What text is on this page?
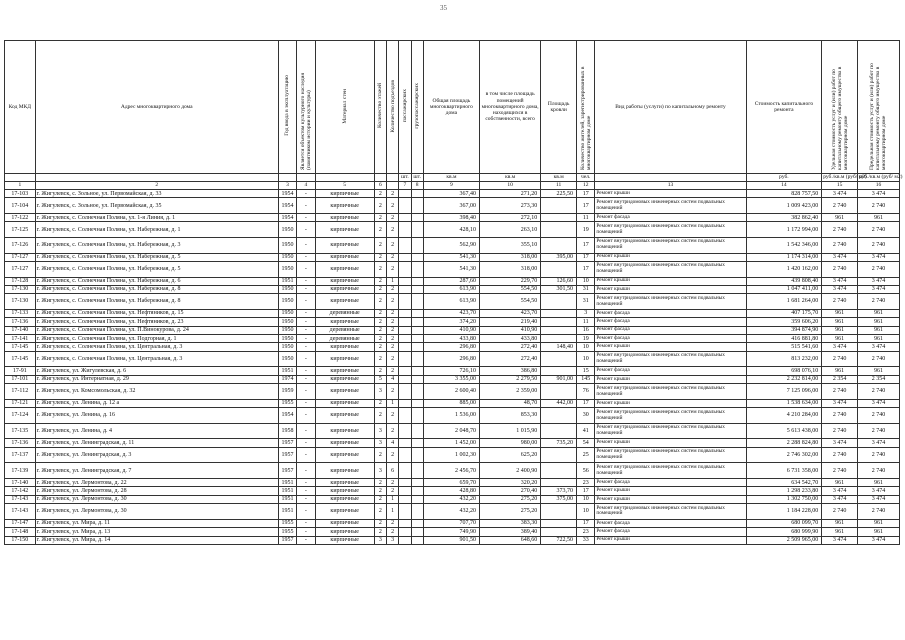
35
Код МКД	Адрес многоквартирного дома	Год ввода в эксплуатацию	Является объектом культурного наследия (памятником истории и культуры)	Материал стен	Количество этажей	Количество подъездов	пассажирских	грузопассажирских	Общая площадь многоквартирного дома	в том числе площадь помещений многоквартирного дома, находящихся в собственности, всего	Площадь кровли	Количество жителей, зарегистрированных в многоквартирном доме	Вид работы (услуги) по капитальному ремонту	Стоимость капитального ремонта	Удельная стоимость услуг и (или) работ по капитальному ремонту общего имущества в многоквартирном доме	Предельная стоимость услуг и (или) работ по капитальному ремонту общего имущества в многоквартирном доме
							шт.	шт.	кв.м	кв.м	кв.м	чел.		руб.	руб./кв.м (руб/ м2)	руб./кв.м (руб/ м2)
1	2	3	4	5	6		7	8	9	10	11	12	13	14	15	16
17-103	г. Жигулевск, с. Зольное, ул. Первомайская, д. 33	1954	-	кирпичные	2	2			367,40	271,20	225,50	17	Ремонт крыши	828 757,50	3 474	3 474
17-104	г. Жигулевск, с. Зольное, ул. Первомайская, д. 35	1954	-	кирпичные	2	2			367,00	273,30		17	Ремонт внутридомовых инженерных систем подвальных помещений	1 009 423,00	2 740	2 740
17-122	г. Жигулевск, с. Солнечная Поляна, ул. 1-я Линия, д. 1	1954	-	кирпичные	2	2			398,40	272,10		11	Ремонт фасада	382 862,40	961	961
17-125	г. Жигулевск, с. Солнечная Поляна, ул. Набережная, д. 1	1950	-	кирпичные	2	2			428,10	263,10		19	Ремонт внутридомовых инженерных систем подвальных помещений	1 172 994,00	2 740	2 740
17-126	г. Жигулевск, с. Солнечная Поляна, ул. Набережная, д. 3	1950	-	кирпичные	2	2			562,90	355,10		17	Ремонт внутридомовых инженерных систем подвальных помещений	1 542 346,00	2 740	2 740
17-127	г. Жигулевск, с. Солнечная Поляна, ул. Набережная, д. 5	1950	-	кирпичные	2	2			541,30	318,00	395,00	17	Ремонт крыши	1 174 314,00	3 474	3 474
17-127	г. Жигулевск, с. Солнечная Поляна, ул. Набережная, д. 5	1950	-	кирпичные	2	2			541,30	318,00		17	Ремонт внутридомовых инженерных систем подвальных помещений	1 420 162,00	2 740	2 740
17-128	г. Жигулевск, с. Солнечная Поляна, ул. Набережная, д. 6	1951	-	кирпичные	2	1			287,60	229,70	126,60	10	Ремонт крыши	439 808,40	3 474	3 474
17-130	г. Жигулевск, с. Солнечная Поляна, ул. Набережная, д. 8	1950	-	кирпичные	2	2			613,90	554,50	301,50	31	Ремонт крыши	1 047 411,00	3 474	3 474
17-130	г. Жигулевск, с. Солнечная Поляна, ул. Набережная, д. 8	1950	-	кирпичные	2	2			613,90	554,50		31	Ремонт внутридомовых инженерных систем подвальных помещений	1 681 264,00	2 740	2 740
17-133	г. Жигулевск, с. Солнечная Поляна, ул. Нефтяников, д. 15	1950	-	деревянные	2	2			423,70	423,70		3	Ремонт фасада	407 175,70	961	961
17-136	г. Жигулевск, с. Солнечная Поляна, ул. Нефтяников, д. 23	1950	-	кирпичные	2	2			374,20	219,40		11	Ремонт фасада	359 606,20	961	961
17-140	г. Жигулевск, с. Солнечная Поляна, ул. П.Винокурова, д. 24	1950	-	деревянные	2	2			410,90	410,90		16	Ремонт фасада	394 874,90	961	961
17-141	г. Жигулевск, с. Солнечная Поляна, ул. Подгорная, д. 1	1950	-	деревянные	2	2			433,80	433,80		19	Ремонт фасада	416 881,80	961	961
17-145	г. Жигулевск, с. Солнечная Поляна, ул. Центральная, д. 3	1950	-	кирпичные	2	2			296,80	272,40	148,40	10	Ремонт крыши	515 541,60	3 474	3 474
17-145	г. Жигулевск, с. Солнечная Поляна, ул. Центральная, д. 3	1950	-	кирпичные	2	2			296,80	272,40		10	Ремонт внутридомовых инженерных систем подвальных помещений	813 232,00	2 740	2 740
17-91	г. Жигулевск, ул. Жигулевская, д. 6	1951	-	кирпичные	2	2			726,10	386,80		15	Ремонт фасада	698 076,10	961	961
17-101	г. Жигулевск, ул. Интернатная, д. 29	1974	-	кирпичные	5	4			3 355,00	2 279,50	901,00	145	Ремонт крыши	2 232 814,00	2 354	2 354
17-112	г. Жигулевск, ул. Комсомольская, д. 32	1959	-	кирпичные	3	2			2 600,40	2 359,00		76	Ремонт внутридомовых инженерных систем подвальных помещений	7 125 096,00	2 740	2 740
17-121	г. Жигулевск, ул. Ленина, д. 12 а	1955	-	кирпичные	2	1			885,00	48,70	442,00	17	Ремонт крыши	1 538 634,00	3 474	3 474
17-124	г. Жигулевск, ул. Ленина, д. 16	1954	-	кирпичные	2	2			1 536,00	853,30		30	Ремонт внутридомовых инженерных систем подвальных помещений	4 210 284,00	2 740	2 740
17-135	г. Жигулевск, ул. Ленина, д. 4	1958	-	кирпичные	3	2			2 048,70	1 015,90		41	Ремонт внутридомовых инженерных систем подвальных помещений	5 613 438,00	2 740	2 740
17-136	г. Жигулевск, ул. Ленинградская, д. 11	1957	-	кирпичные	3	4			1 452,00	980,00	735,20	54	Ремонт крыши	2 288 824,80	3 474	3 474
17-137	г. Жигулевск, ул. Ленинградская, д. 3	1957	-	кирпичные	2	2			1 002,30	625,20		25	Ремонт внутридомовых инженерных систем подвальных помещений	2 746 302,00	2 740	2 740
17-139	г. Жигулевск, ул. Ленинградская, д. 7	1957	-	кирпичные	3	6			2 456,70	2 400,90		56	Ремонт внутридомовых инженерных систем подвальных помещений	6 731 358,00	2 740	2 740
17-140	г. Жигулевск, ул. Лермонтова, д. 22	1951	-	кирпичные	2	2			659,70	320,20		23	Ремонт фасада	634 542,70	961	961
17-142	г. Жигулевск, ул. Лермонтова, д. 28	1951	-	кирпичные	2	2			428,80	270,40	373,70	17	Ремонт крыши	1 298 233,80	3 474	3 474
17-143	г. Жигулевск, ул. Лермонтова, д. 30	1951	-	кирпичные	2	1			432,20	275,20	375,00	10	Ремонт крыши	1 302 750,00	3 474	3 474
17-143	г. Жигулевск, ул. Лермонтова, д. 30	1951	-	кирпичные	2	1			432,20	275,20		10	Ремонт внутридомовых инженерных систем подвальных помещений	1 184 228,00	2 740	2 740
17-147	г. Жигулевск, ул. Мира, д. 11	1955	-	кирпичные	2	2			707,70	383,30		17	Ремонт фасада	680 099,70	961	961
17-148	г. Жигулевск, ул. Мира, д. 13	1955	-	кирпичные	2	2			749,90	389,40		23	Ремонт фасада	680 999,90	961	961
17-150	г. Жигулевск, ул. Мира, д. 14	1957	-	кирпичные	3	3			901,50	648,60	722,50	33	Ремонт крыши	2 509 965,00	3 474	3 474
